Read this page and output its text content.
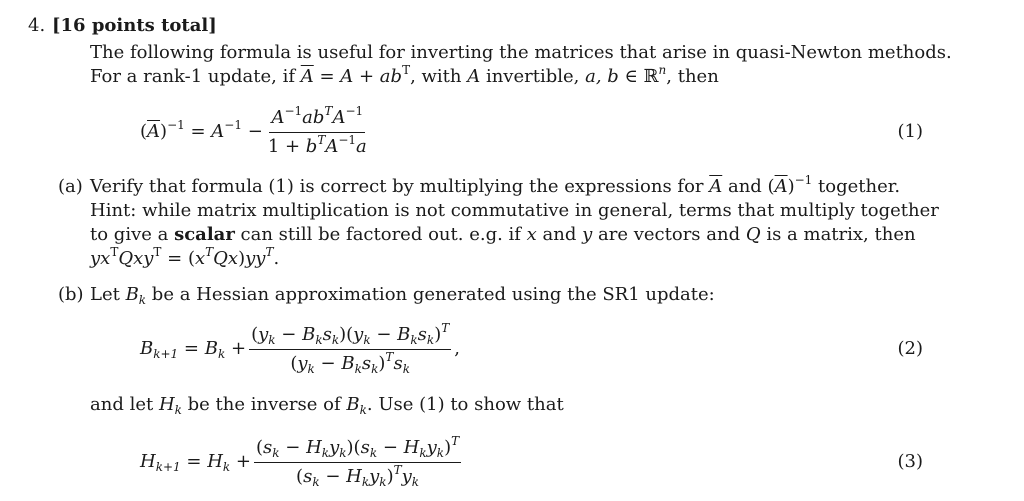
4. [16 points total]
The following formula is useful for inverting the matrices that arise in quasi-Newton methods.
For a rank-1 update, if $\overline{A} = A + ab^T$, with A invertible, a, b ∈ ℝ$^n$, then
$(\overline{A})^{-1} = A^{-1} - \frac{A^{-1}ab^TA^{-1}}{1 + b^TA^{-1}a}$	(1)
(a) Verify that formula (1) is correct by multiplying the expressions for $\overline{A}$ and $(\overline{A})^{-1}$ together.
Hint: while matrix multiplication is not commutative in general, terms that multiply together
to give a scalar can still be factored out. e.g. if x and y are vectors and Q is a matrix, then
$yx^TQxy^T = (x^TQx)yy^T$.
(b) Let $B_k$ be a Hessian approximation generated using the SR1 update:
$B_{k+1} = B_k + \frac{(y_k - B_ks_k)(y_k - B_ks_k)^T}{(y_k - B_ks_k)^Ts_k}$ ,	(2)
and let $H_k$ be the inverse of $B_k$. Use (1) to show that
$H_{k+1} = H_k + \frac{(s_k - H_ky_k)(s_k - H_ky_k)^T}{(s_k - H_ky_k)^Ty_k}$	(3)
